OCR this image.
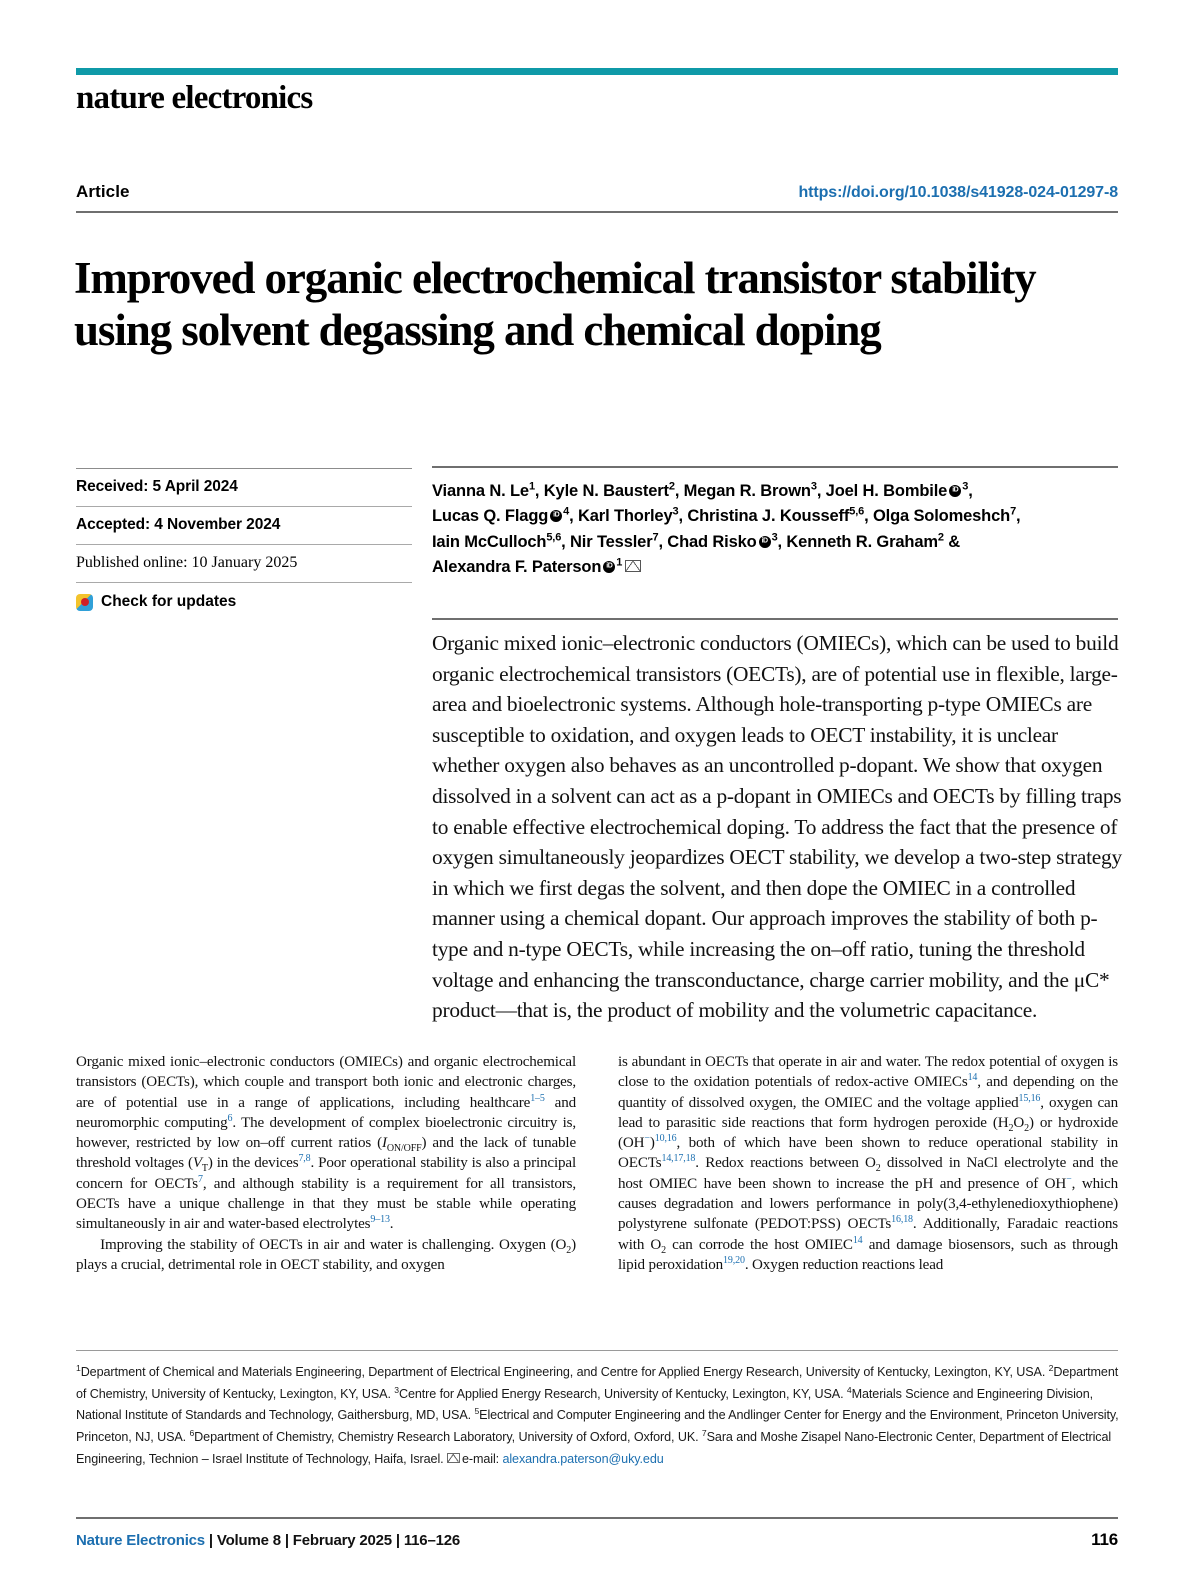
nature electronics
Article	https://doi.org/10.1038/s41928-024-01297-8
Improved organic electrochemical transistor stability using solvent degassing and chemical doping
Received: 5 April 2024
Accepted: 4 November 2024
Published online: 10 January 2025
Check for updates
Vianna N. Le$^1$, Kyle N. Baustert$^2$, Megan R. Brown$^3$, Joel H. Bombile iD $^3$,
Lucas Q. Flagg iD $^4$, Karl Thorley$^3$, Christina J. Kousseff$^{5,6}$, Olga Solomeshch$^7$,
Iain McCulloch$^{5,6}$, Nir Tessler$^7$, Chad Risko iD $^3$, Kenneth R. Graham$^2$ &
Alexandra F. Paterson iD $^1$
Organic mixed ionic–electronic conductors (OMIECs), which can be used to build organic electrochemical transistors (OECTs), are of potential use in flexible, large-area and bioelectronic systems. Although hole-transporting p-type OMIECs are susceptible to oxidation, and oxygen leads to OECT instability, it is unclear whether oxygen also behaves as an uncontrolled p-dopant. We show that oxygen dissolved in a solvent can act as a p-dopant in OMIECs and OECTs by filling traps to enable effective electrochemical doping. To address the fact that the presence of oxygen simultaneously jeopardizes OECT stability, we develop a two-step strategy in which we first degas the solvent, and then dope the OMIEC in a controlled manner using a chemical dopant. Our approach improves the stability of both p-type and n-type OECTs, while increasing the on–off ratio, tuning the threshold voltage and enhancing the transconductance, charge carrier mobility, and the μC* product—that is, the product of mobility and the volumetric capacitance.

Organic mixed ionic–electronic conductors (OMIECs) and organic electrochemical transistors (OECTs), which couple and transport both ionic and electronic charges, are of potential use in a range of applications, including healthcare$^{1-5}$ and neuromorphic computing$^6$. The development of complex bioelectronic circuitry is, however, restricted by low on–off current ratios $(I_{ON/OFF})$ and the lack of tunable threshold voltages $(V_T)$ in the devices$^{7,8}$. Poor operational stability is also a principal concern for OECTs$^7$, and although stability is a requirement for all transistors, OECTs have a unique challenge in that they must be stable while operating simultaneously in air and water-based electrolytes$^{9-13}$.

Improving the stability of OECTs in air and water is challenging. Oxygen $(O_2)$ plays a crucial, detrimental role in OECT stability, and oxygen

is abundant in OECTs that operate in air and water. The redox potential of oxygen is close to the oxidation potentials of redox-active OMIECs$^{14}$, and depending on the quantity of dissolved oxygen, the OMIEC and the voltage applied$^{15,16}$, oxygen can lead to parasitic side reactions that form hydrogen peroxide $(H_2O_2)$ or hydroxide (OH−)$^{10,16}$, both of which have been shown to reduce operational stability in OECTs$^{14,17,18}$. Redox reactions between $O_2$ dissolved in NaCl electrolyte and the host OMIEC have been shown to increase the pH and presence of OH−, which causes degradation and lowers performance in poly(3,4-ethylenedioxythiophene) polystyrene sulfonate (PEDOT:PSS) OECTs$^{16,18}$. Additionally, Faradaic reactions with $O_2$ can corrode the host OMIEC$^{14}$ and damage biosensors, such as through lipid peroxidation$^{19,20}$. Oxygen reduction reactions lead

$^1$Department of Chemical and Materials Engineering, Department of Electrical Engineering, and Centre for Applied Energy Research, University of Kentucky, Lexington, KY, USA. $^2$Department of Chemistry, University of Kentucky, Lexington, KY, USA. $^3$Centre for Applied Energy Research, University of Kentucky, Lexington, KY, USA. $^4$Materials Science and Engineering Division, National Institute of Standards and Technology, Gaithersburg, MD, USA. $^5$Electrical and Computer Engineering and the Andlinger Center for Energy and the Environment, Princeton University, Princeton, NJ, USA. $^6$Department of Chemistry, Chemistry Research Laboratory, University of Oxford, Oxford, UK. $^7$Sara and Moshe Zisapel Nano-Electronic Center, Department of Electrical Engineering, Technion – Israel Institute of Technology, Haifa, Israel. e-mail: alexandra.paterson@uky.edu
Nature Electronics | Volume 8 | February 2025 | 116–126	116
